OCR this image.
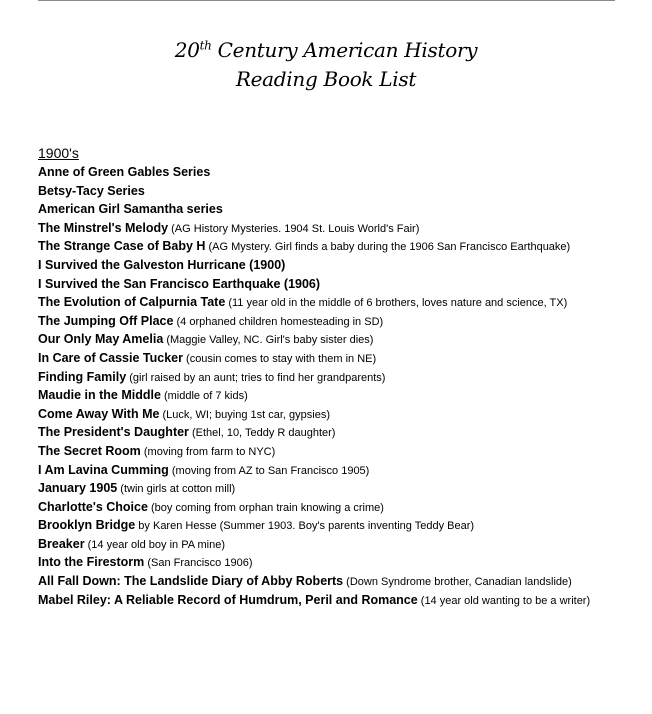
20th Century American History
Reading Book List
1900's
Anne of Green Gables Series
Betsy-Tacy Series
American Girl Samantha series
The Minstrel's Melody (AG History Mysteries. 1904 St. Louis World's Fair)
The Strange Case of Baby H (AG Mystery. Girl finds a baby during the 1906 San Francisco Earthquake)
I Survived the Galveston Hurricane (1900)
I Survived the San Francisco Earthquake (1906)
The Evolution of Calpurnia Tate (11 year old in the middle of 6 brothers, loves nature and science, TX)
The Jumping Off Place (4 orphaned children homesteading in SD)
Our Only May Amelia (Maggie Valley, NC. Girl's baby sister dies)
In Care of Cassie Tucker (cousin comes to stay with them in NE)
Finding Family (girl raised by an aunt; tries to find her grandparents)
Maudie in the Middle (middle of 7 kids)
Come Away With Me (Luck, WI; buying 1st car, gypsies)
The President's Daughter (Ethel, 10, Teddy R daughter)
The Secret Room (moving from farm to NYC)
I Am Lavina Cumming (moving from AZ to San Francisco 1905)
January 1905 (twin girls at cotton mill)
Charlotte's Choice (boy coming from orphan train knowing a crime)
Brooklyn Bridge by Karen Hesse (Summer 1903. Boy's parents inventing Teddy Bear)
Breaker (14 year old boy in PA mine)
Into the Firestorm (San Francisco 1906)
All Fall Down: The Landslide Diary of Abby Roberts (Down Syndrome brother, Canadian landslide)
Mabel Riley: A Reliable Record of Humdrum, Peril and Romance (14 year old wanting to be a writer)
